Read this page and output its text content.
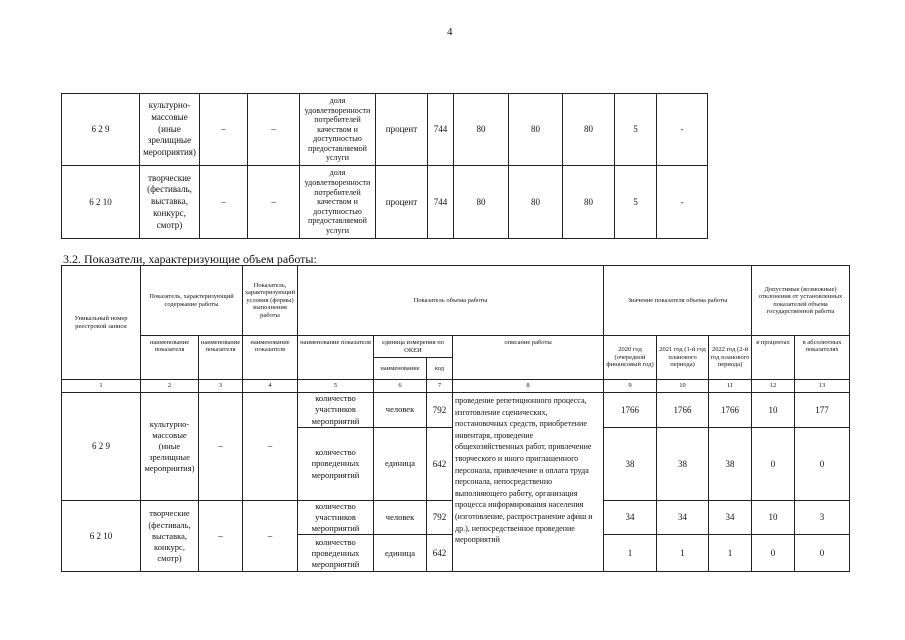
4
6 2 9	культурно-массовые (иные зрелищные мероприятия)	–	–	доля удовлетворенности потребителей качеством и доступностью предоставляемой услуги	процент	744	80	80	80	5	-
6 2 10	творческие (фестиваль, выставка, конкурс, смотр)	–	–	доля удовлетворенности потребителей качеством и доступностью предоставляемой услуги	процент	744	80	80	80	5	-
3.2. Показатели, характеризующие объем работы:
Уникальный номер реестровой записи	Показатель, характеризующий содержание работы		Показатель, характеризующий условия (формы) выполнения работы	Показатель объема работы				Значение показателя объема работы			Допустимые (возможные) отклонения от установленных показателей объема государственной работы	
	наименование показателя	наименование показателя	наименование показателя	наименование показателя	единица измерения по ОКЕИ		описание работы	2020 год (очередной финансовый год)	2021 год (1-й год планового периода)	2022 год (2-й год планового периода)	в процентах	в абсолютных показателях
					наименование	код						
1	2	3	4	5	6	7	8	9	10	11	12	13
6 2 9	культурно-массовые (иные зрелищные мероприятия)	–	–	количество участников мероприятий	человек	792	проведение репетиционного процесса, изготовление сценических, постановочных средств, приобретение инвентаря, проведение общехозяйственных работ, привлечение творческого и иного приглашенного персонала, привлечение и оплата труда персонала, непосредственно выполняющего работу, организация процесса информирования населения (изготовление, распространение афиш и др.), непосредственное проведение мероприятий	1766	1766	1766	10	177
				количество проведенных мероприятий	единица	642		38	38	38	0	0
6 2 10	творческие (фестиваль, выставка, конкурс, смотр)	–	–	количество участников мероприятий	человек	792		34	34	34	10	3
				количество проведенных мероприятий	единица	642		1	1	1	0	0
